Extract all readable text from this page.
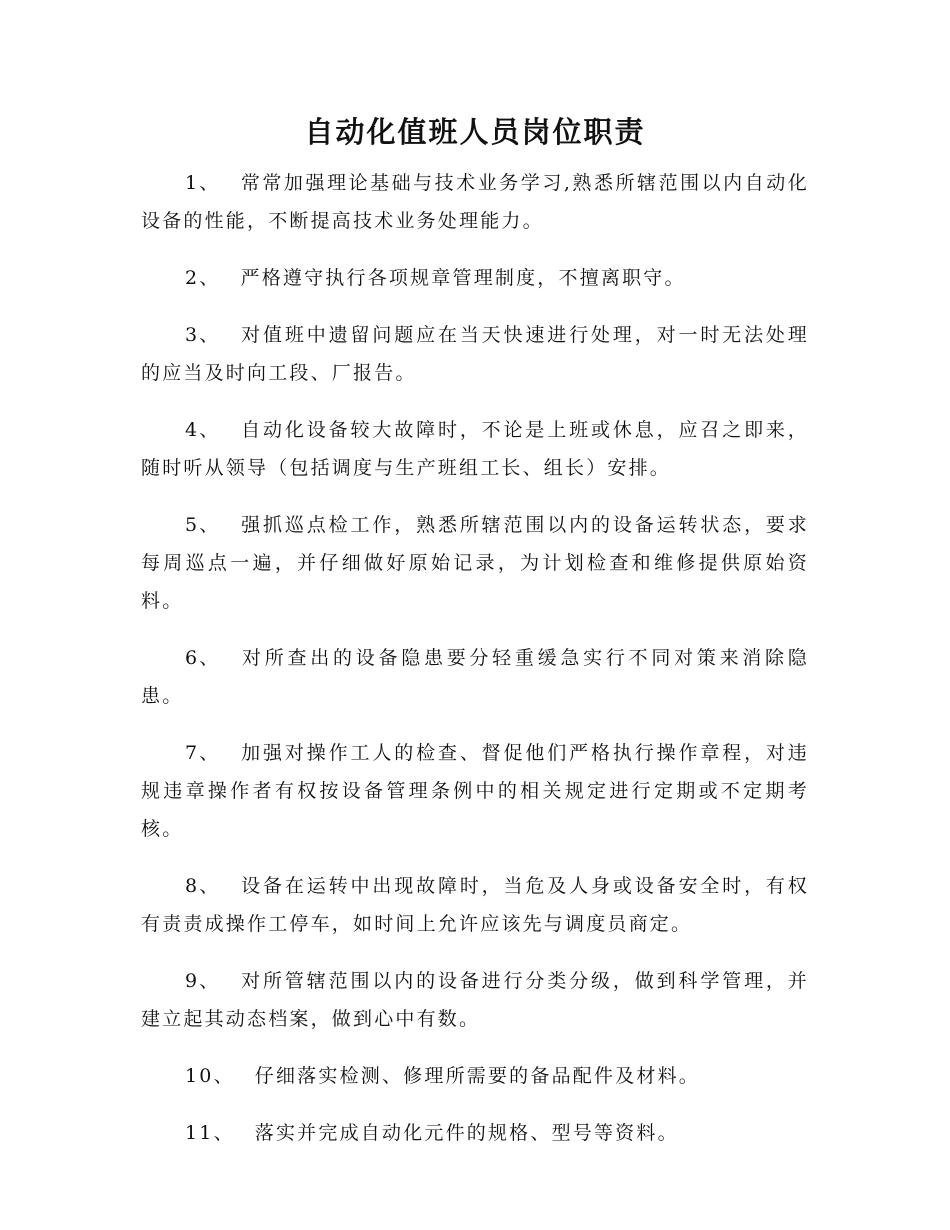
自动化值班人员岗位职责

1、 常常加强理论基础与技术业务学习,熟悉所辖范围以内自动化设备的性能，不断提高技术业务处理能力。

2、 严格遵守执行各项规章管理制度，不擅离职守。

3、 对值班中遗留问题应在当天快速进行处理，对一时无法处理的应当及时向工段、厂报告。

4、 自动化设备较大故障时，不论是上班或休息，应召之即来，随时听从领导（包括调度与生产班组工长、组长）安排。

5、 强抓巡点检工作，熟悉所辖范围以内的设备运转状态，要求每周巡点一遍，并仔细做好原始记录，为计划检查和维修提供原始资料。

6、 对所查出的设备隐患要分轻重缓急实行不同对策来消除隐患。

7、 加强对操作工人的检查、督促他们严格执行操作章程，对违规违章操作者有权按设备管理条例中的相关规定进行定期或不定期考核。

8、 设备在运转中出现故障时，当危及人身或设备安全时，有权有责责成操作工停车，如时间上允许应该先与调度员商定。

9、 对所管辖范围以内的设备进行分类分级，做到科学管理，并建立起其动态档案，做到心中有数。

10、 仔细落实检测、修理所需要的备品配件及材料。

11、 落实并完成自动化元件的规格、型号等资料。
